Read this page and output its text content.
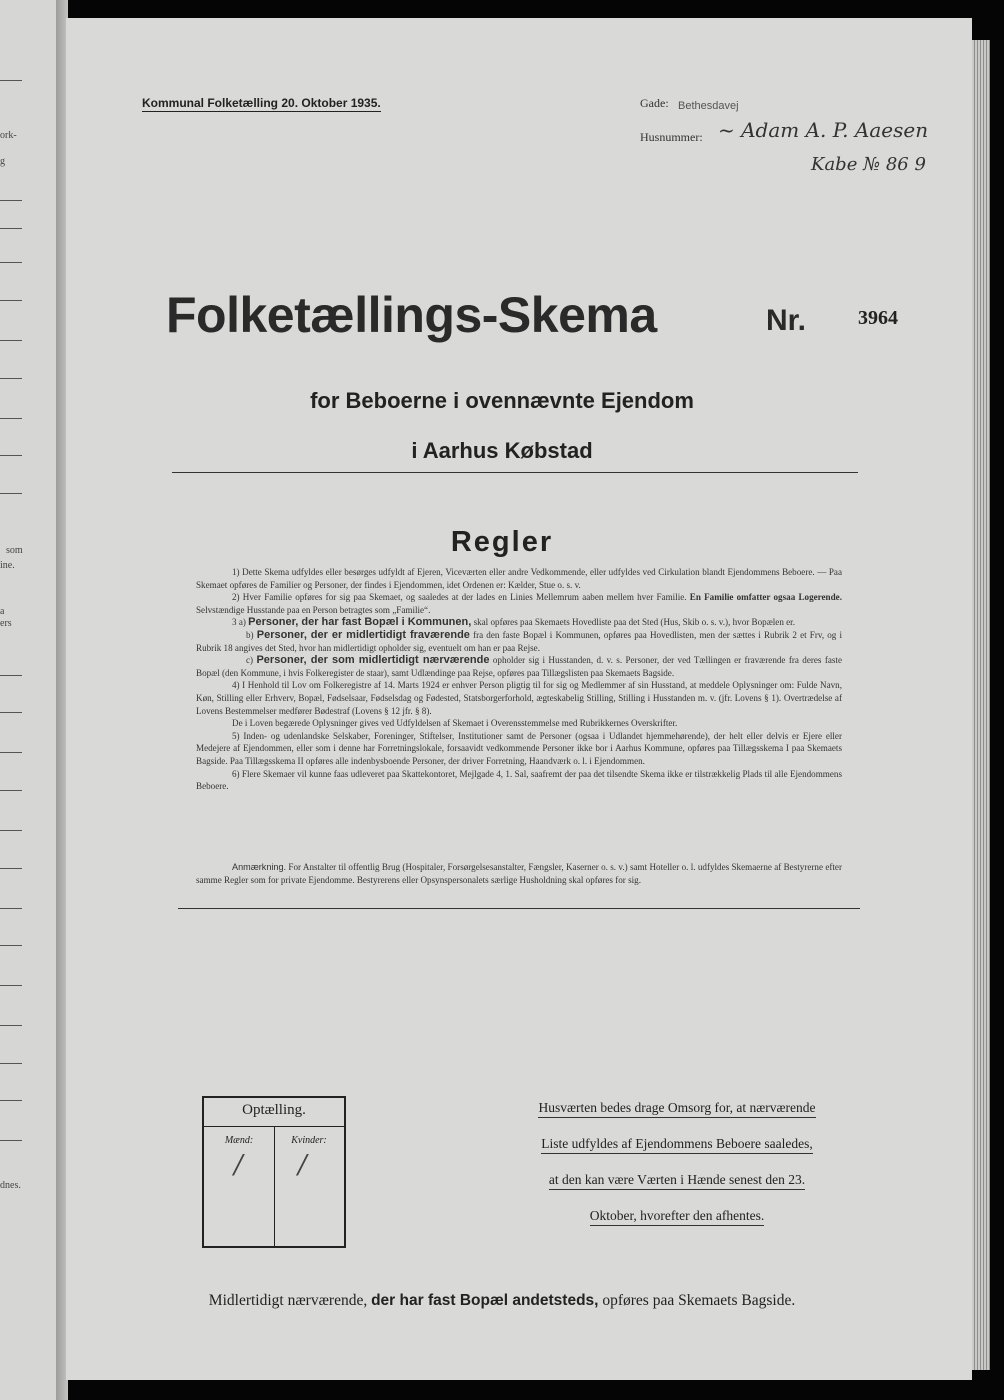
ork-
g
som
ine.
a
ers
dnes.
Kommunal Folketælling 20. Oktober 1935.	Gade: Bethesdavej
Husnummer: ~ Adam A. P. Aaesen
Kabe № 86 9
Folketællings-Skema	Nr.	3964
for Beboerne i ovennævnte Ejendom
i Aarhus Købstad
Regler

1) Dette Skema udfyldes eller besørges udfyldt af Ejeren, Viceværten eller andre Vedkommende, eller udfyldes ved Cirkulation blandt Ejendommens Beboere. — Paa Skemaet opføres de Familier og Personer, der findes i Ejendommen, idet Ordenen er: Kælder, Stue o. s. v.

2) Hver Familie opføres for sig paa Skemaet, og saaledes at der lades en Linies Mellemrum aaben mellem hver Familie. En Familie omfatter ogsaa Logerende. Selvstændige Husstande paa en Person betragtes som „Familie“.

3 a) Personer, der har fast Bopæl i Kommunen, skal opføres paa Skemaets Hovedliste paa det Sted (Hus, Skib o. s. v.), hvor Bopælen er.

b) Personer, der er midlertidigt fraværende fra den faste Bopæl i Kommunen, opføres paa Hovedlisten, men der sættes i Rubrik 2 et Frv, og i Rubrik 18 angives det Sted, hvor han midlertidigt opholder sig, eventuelt om han er paa Rejse.

c) Personer, der som midlertidigt nærværende opholder sig i Husstanden, d. v. s. Personer, der ved Tællingen er fraværende fra deres faste Bopæl (den Kommune, i hvis Folkeregister de staar), samt Udlændinge paa Rejse, opføres paa Tillægslisten paa Skemaets Bagside.

4) I Henhold til Lov om Folkeregistre af 14. Marts 1924 er enhver Person pligtig til for sig og Medlemmer af sin Husstand, at meddele Oplysninger om: Fulde Navn, Køn, Stilling eller Erhverv, Bopæl, Fødselsaar, Fødselsdag og Fødested, Statsborgerforhold, ægteskabelig Stilling, Stilling i Husstanden m. v. (jfr. Lovens § 1). Overtrædelse af Lovens Bestemmelser medfører Bødestraf (Lovens § 12 jfr. § 8).

De i Loven begærede Oplysninger gives ved Udfyldelsen af Skemaet i Overensstemmelse med Rubrikkernes Overskrifter.

5) Inden- og udenlandske Selskaber, Foreninger, Stiftelser, Institutioner samt de Personer (ogsaa i Udlandet hjemmehørende), der helt eller delvis er Ejere eller Medejere af Ejendommen, eller som i denne har Forretningslokale, forsaavidt vedkommende Personer ikke bor i Aarhus Kommune, opføres paa Tillægsskema I paa Skemaets Bagside. Paa Tillægsskema II opføres alle indenbysboende Personer, der driver Forretning, Haandværk o. l. i Ejendommen.

6) Flere Skemaer vil kunne faas udleveret paa Skattekontoret, Mejlgade 4, 1. Sal, saafremt der paa det tilsendte Skema ikke er tilstrækkelig Plads til alle Ejendommens Beboere.

Anmærkning. For Anstalter til offentlig Brug (Hospitaler, Forsørgelsesanstalter, Fængsler, Kaserner o. s. v.) samt Hoteller o. l. udfyldes Skemaerne af Bestyrerne efter samme Regler som for private Ejendomme. Bestyrerens eller Opsynspersonalets særlige Husholdning skal opføres for sig.
Optælling.
Mænd:	Kvinder:
/ /
Husværten bedes drage Omsorg for, at nærværende
Liste udfyldes af Ejendommens Beboere saaledes,
at den kan være Værten i Hænde senest den 23.
Oktober, hvorefter den afhentes.
Midlertidigt nærværende, der har fast Bopæl andetsteds, opføres paa Skemaets Bagside.
